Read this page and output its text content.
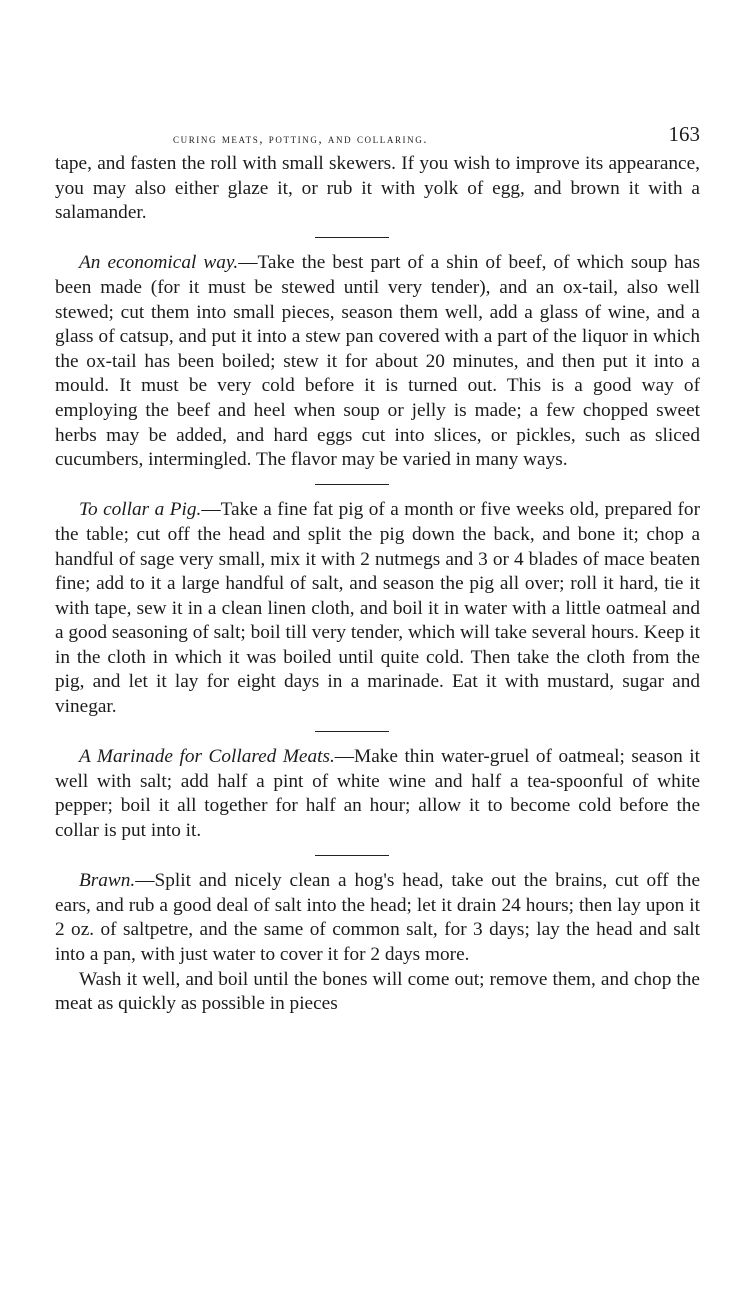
curing meats, potting, and collaring.	163

tape, and fasten the roll with small skewers. If you wish to improve its appearance, you may also either glaze it, or rub it with yolk of egg, and brown it with a salamander.

An economical way.—Take the best part of a shin of beef, of which soup has been made (for it must be stewed until very tender), and an ox-tail, also well stewed; cut them into small pieces, season them well, add a glass of wine, and a glass of catsup, and put it into a stew pan covered with a part of the liquor in which the ox-tail has been boiled; stew it for about 20 minutes, and then put it into a mould. It must be very cold before it is turned out. This is a good way of employing the beef and heel when soup or jelly is made; a few chopped sweet herbs may be added, and hard eggs cut into slices, or pickles, such as sliced cucumbers, intermingled. The flavor may be varied in many ways.

To collar a Pig.—Take a fine fat pig of a month or five weeks old, prepared for the table; cut off the head and split the pig down the back, and bone it; chop a handful of sage very small, mix it with 2 nutmegs and 3 or 4 blades of mace beaten fine; add to it a large handful of salt, and season the pig all over; roll it hard, tie it with tape, sew it in a clean linen cloth, and boil it in water with a little oatmeal and a good seasoning of salt; boil till very tender, which will take several hours. Keep it in the cloth in which it was boiled until quite cold. Then take the cloth from the pig, and let it lay for eight days in a marinade. Eat it with mustard, sugar and vinegar.

A Marinade for Collared Meats.—Make thin water-gruel of oatmeal; season it well with salt; add half a pint of white wine and half a tea-spoonful of white pepper; boil it all together for half an hour; allow it to become cold before the collar is put into it.

Brawn.—Split and nicely clean a hog's head, take out the brains, cut off the ears, and rub a good deal of salt into the head; let it drain 24 hours; then lay upon it 2 oz. of saltpetre, and the same of common salt, for 3 days; lay the head and salt into a pan, with just water to cover it for 2 days more.

Wash it well, and boil until the bones will come out; remove them, and chop the meat as quickly as possible in pieces
